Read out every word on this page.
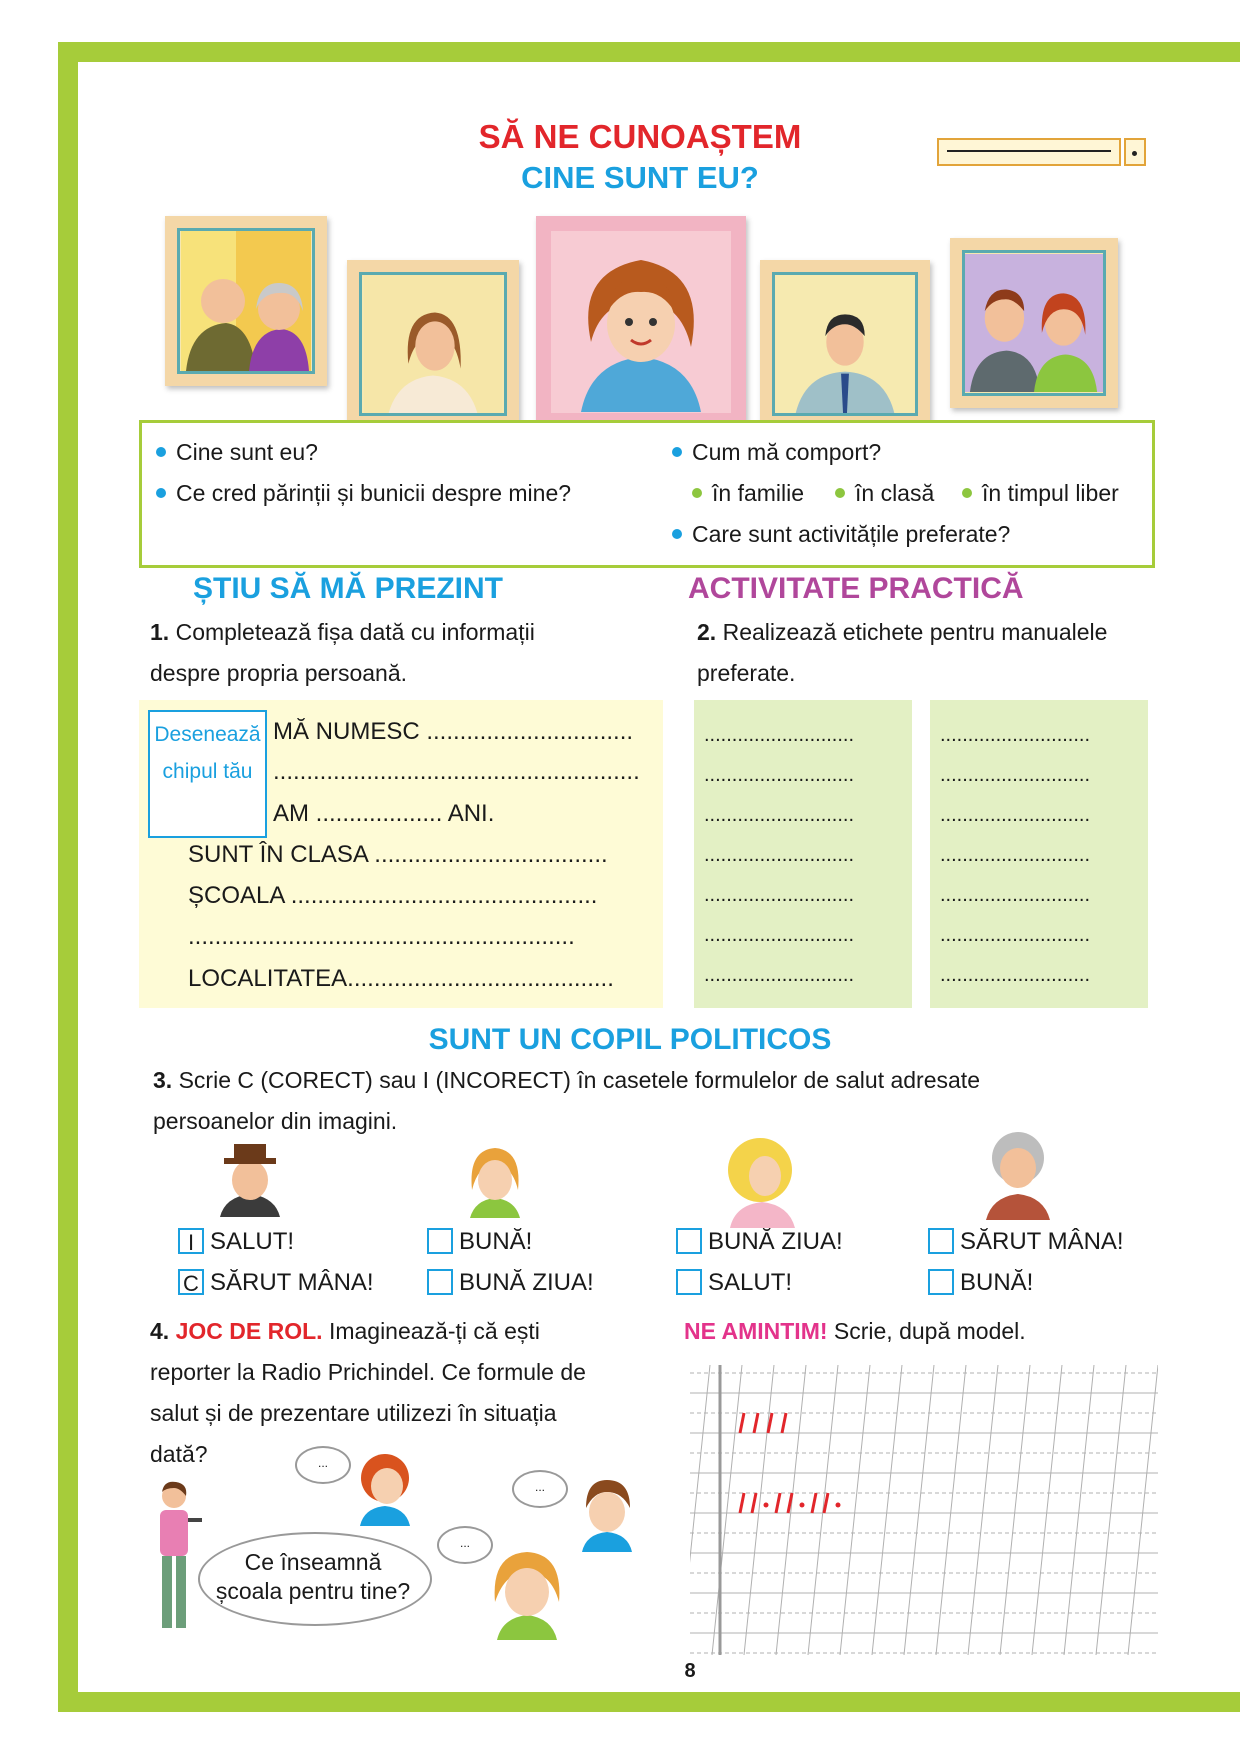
SĂ NE CUNOAȘTEM
CINE SUNT EU?
Cine sunt eu?
Ce cred părinții și bunicii despre mine?
Cum mă comport?
în familie	în clasă	în timpul liber
Care sunt activitățile preferate?
ȘTIU SĂ MĂ PREZINT
1. Completează fișa dată cu informații
despre propria persoană.
Desenează
chipul tău
MĂ NUMESC ...............................
.......................................................
AM ................... ANI.
SUNT ÎN CLASA ...................................
ȘCOALA ..............................................
..........................................................
LOCALITATEA........................................
ACTIVITATE PRACTICĂ
2. Realizează etichete pentru manualele
preferate.
...........................
...........................
...........................
...........................
...........................
...........................
...........................
...........................
...........................
...........................
...........................
...........................
...........................
...........................
SUNT UN COPIL POLITICOS
3. Scrie C (CORECT) sau I (INCORECT) în casetele formulelor de salut adresate
persoanelor din imagini.
I SALUT!
C SĂRUT MÂNA!
BUNĂ!
BUNĂ ZIUA!
BUNĂ ZIUA!
SALUT!
SĂRUT MÂNA!
BUNĂ!
4. JOC DE ROL. Imaginează-ți că ești
reporter la Radio Prichindel. Ce formule de
salut și de prezentare utilizezi în situația
dată?
Ce înseamnă
școala pentru tine?
...
...
...
NE AMINTIM! Scrie, după model.
8
